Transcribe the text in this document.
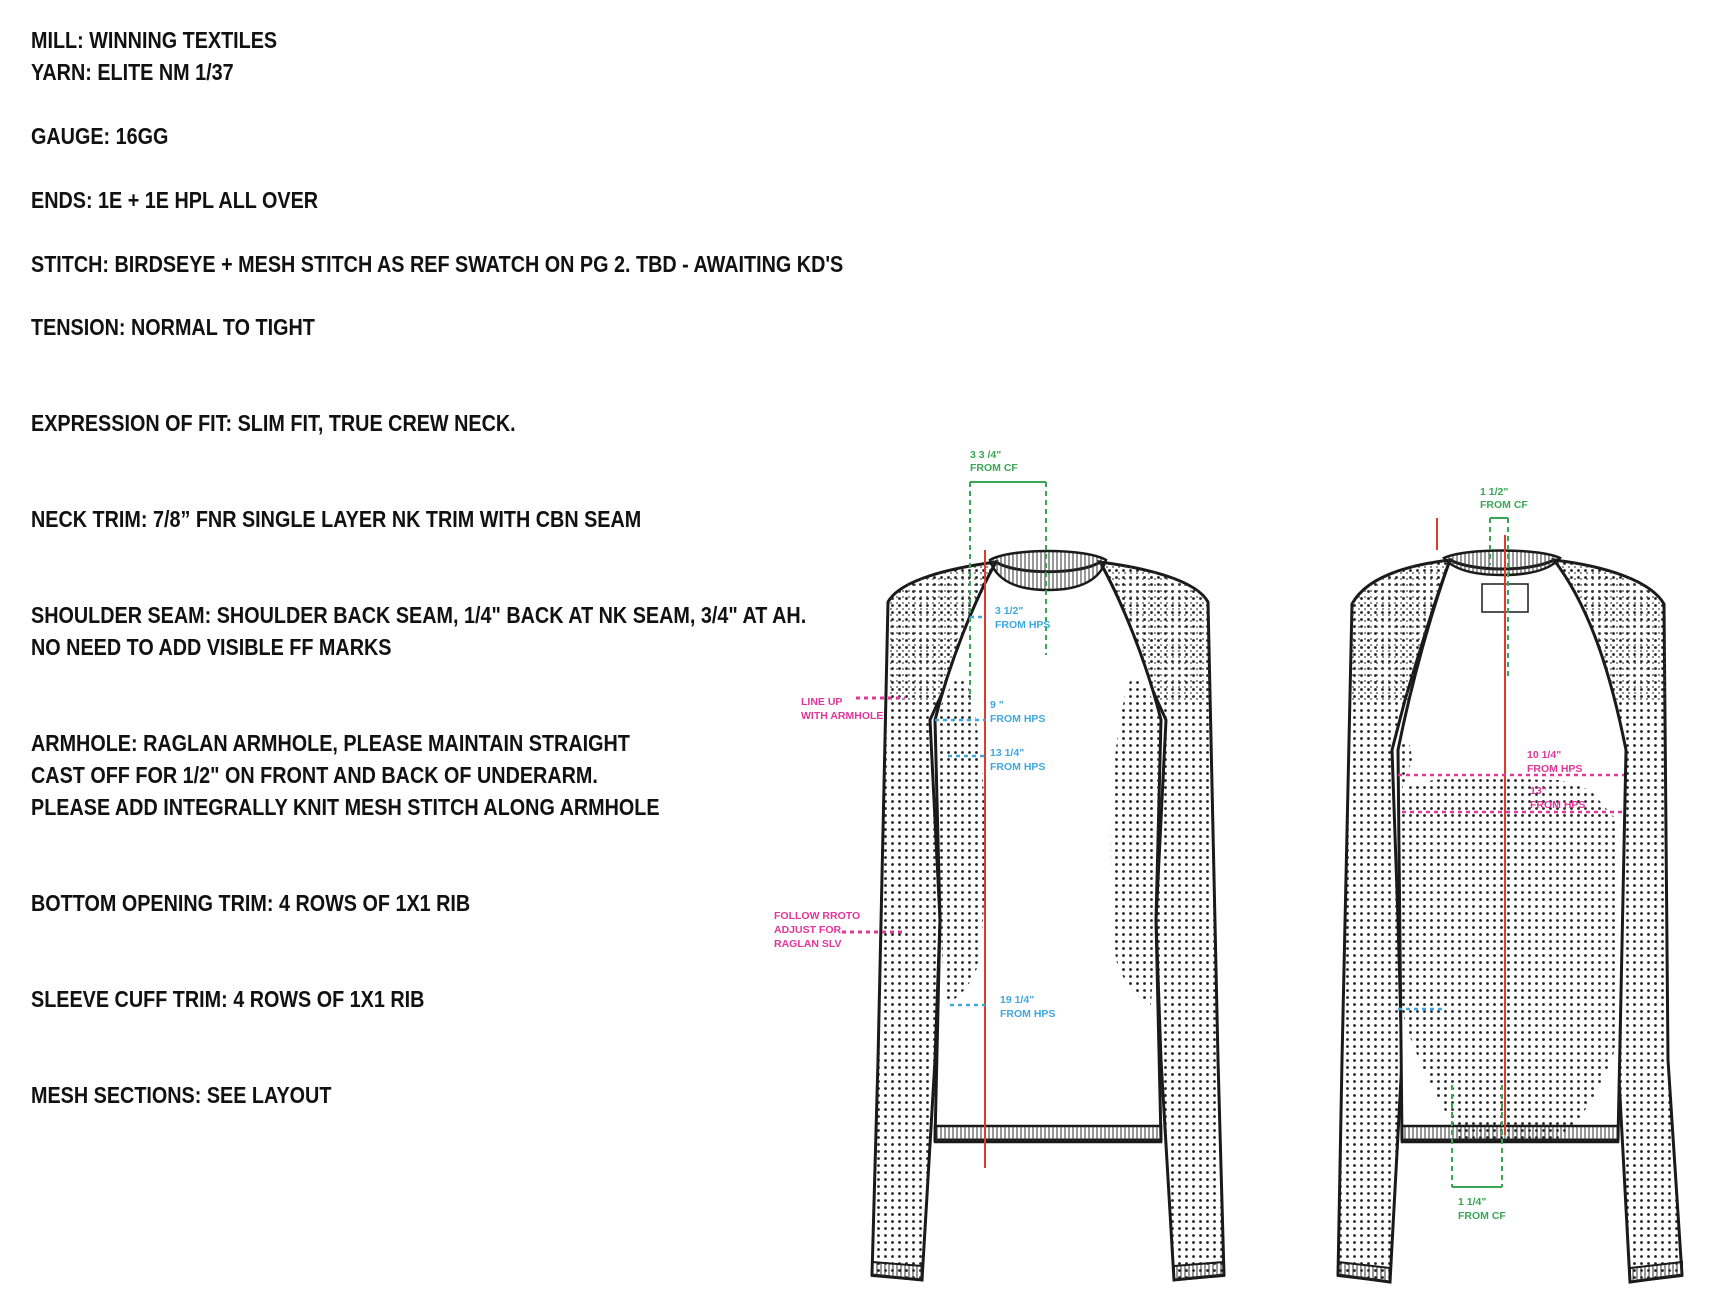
MILL: WINNING TEXTILES
YARN: ELITE NM 1/37
GAUGE: 16GG
ENDS: 1E + 1E HPL ALL OVER
STITCH: BIRDSEYE + MESH STITCH AS REF SWATCH ON PG 2. TBD - AWAITING KD'S
TENSION: NORMAL TO TIGHT
EXPRESSION OF FIT: SLIM FIT, TRUE CREW NECK.
NECK TRIM: 7/8” FNR SINGLE LAYER NK TRIM WITH CBN SEAM
SHOULDER SEAM: SHOULDER BACK SEAM, 1/4" BACK AT NK SEAM, 3/4" AT AH.
NO NEED TO ADD VISIBLE FF MARKS
ARMHOLE: RAGLAN ARMHOLE, PLEASE MAINTAIN STRAIGHT
CAST OFF FOR 1/2" ON FRONT AND BACK OF UNDERARM.
PLEASE ADD INTEGRALLY KNIT MESH STITCH ALONG ARMHOLE
BOTTOM OPENING TRIM: 4 ROWS OF 1X1 RIB
SLEEVE CUFF TRIM: 4 ROWS OF 1X1 RIB
MESH SECTIONS: SEE LAYOUT
3 3 /4" FROM CF
3 1/2" FROM HPS
LINE UP WITH ARMHOLE
9 " FROM HPS
13 1/4" FROM HPS
FOLLOW RROTO ADJUST FOR RAGLAN SLV
19 1/4" FROM HPS
1 1/2" FROM CF
10 1/4" FROM HPS
13" FROM HPS
1 1/4" FROM CF
